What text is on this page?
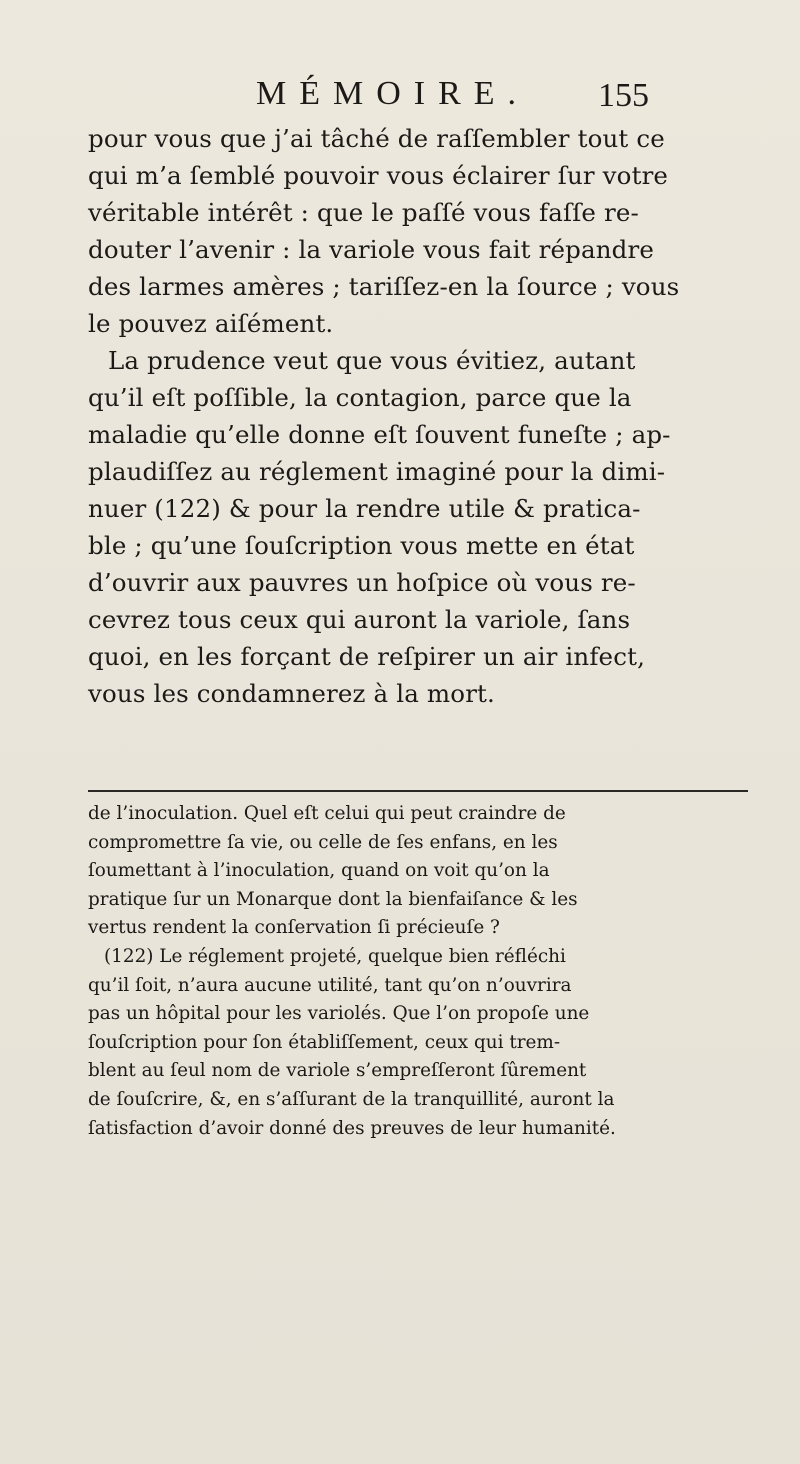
MÉMOIRE. 155
pour vous que j’ai tâché de raſſembler tout ce
qui m’a ſemblé pouvoir vous éclairer ſur votre
véritable intérêt : que le paſſé vous faſſe re-
douter l’avenir : la variole vous fait répandre
des larmes amères ; tariſſez-en la ſource ; vous
le pouvez aiſément.
La prudence veut que vous évitiez, autant
qu’il eſt poſſible, la contagion, parce que la
maladie qu’elle donne eſt ſouvent funeſte ; ap-
plaudiſſez au réglement imaginé pour la dimi-
nuer (122) & pour la rendre utile & pratica-
ble ; qu’une ſouſcription vous mette en état
d’ouvrir aux pauvres un hoſpice où vous re-
cevrez tous ceux qui auront la variole, ſans
quoi, en les forçant de reſpirer un air infect,
vous les condamnerez à la mort.
de l’inoculation. Quel eſt celui qui peut craindre de
compromettre ſa vie, ou celle de ſes enfans, en les
ſoumettant à l’inoculation, quand on voit qu’on la
pratique ſur un Monarque dont la bienfaiſance & les
vertus rendent la conſervation ſi précieuſe ?
(122) Le réglement projeté, quelque bien réfléchi
qu’il ſoit, n’aura aucune utilité, tant qu’on n’ouvrira
pas un hôpital pour les variolés. Que l’on propoſe une
ſouſcription pour ſon établiſſement, ceux qui trem-
blent au ſeul nom de variole s’empreſſeront ſûrement
de ſouſcrire, &, en s’aſſurant de la tranquillité, auront la
ſatisfaction d’avoir donné des preuves de leur humanité.
